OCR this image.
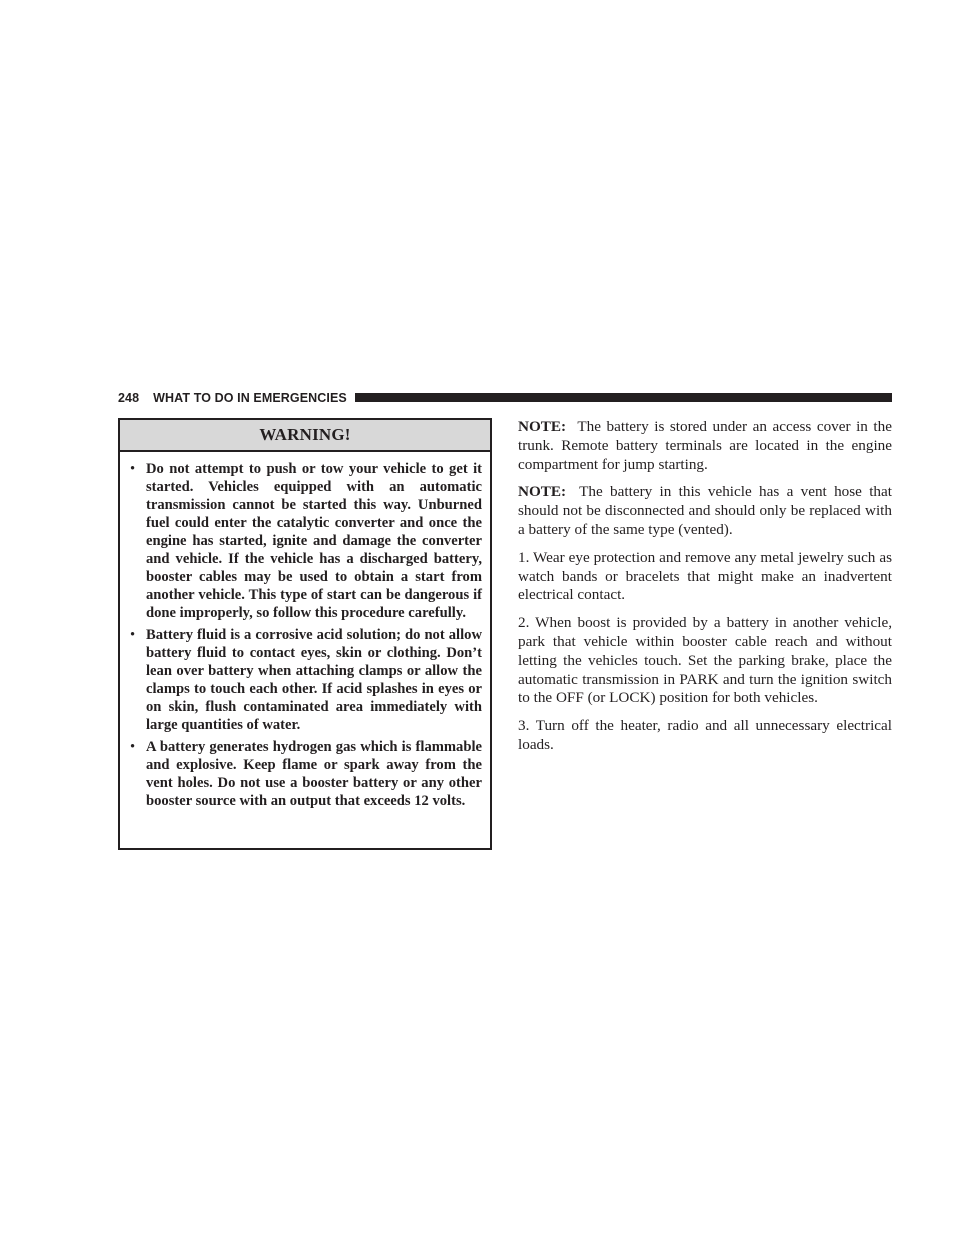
248 WHAT TO DO IN EMERGENCIES
WARNING!
• Do not attempt to push or tow your vehicle to get it started. Vehicles equipped with an automatic transmission cannot be started this way. Unburned fuel could enter the catalytic converter and once the engine has started, ignite and damage the converter and vehicle. If the vehicle has a discharged battery, booster cables may be used to obtain a start from another vehicle. This type of start can be dangerous if done improperly, so follow this procedure carefully.
• Battery fluid is a corrosive acid solution; do not allow battery fluid to contact eyes, skin or clothing. Don’t lean over battery when attaching clamps or allow the clamps to touch each other. If acid splashes in eyes or on skin, flush contaminated area immediately with large quantities of water.
• A battery generates hydrogen gas which is flammable and explosive. Keep flame or spark away from the vent holes. Do not use a booster battery or any other booster source with an output that exceeds 12 volts.

NOTE: The battery is stored under an access cover in the trunk. Remote battery terminals are located in the engine compartment for jump starting.

NOTE: The battery in this vehicle has a vent hose that should not be disconnected and should only be replaced with a battery of the same type (vented).

1. Wear eye protection and remove any metal jewelry such as watch bands or bracelets that might make an inadvertent electrical contact.

2. When boost is provided by a battery in another vehicle, park that vehicle within booster cable reach and without letting the vehicles touch. Set the parking brake, place the automatic transmission in PARK and turn the ignition switch to the OFF (or LOCK) position for both vehicles.

3. Turn off the heater, radio and all unnecessary electrical loads.
